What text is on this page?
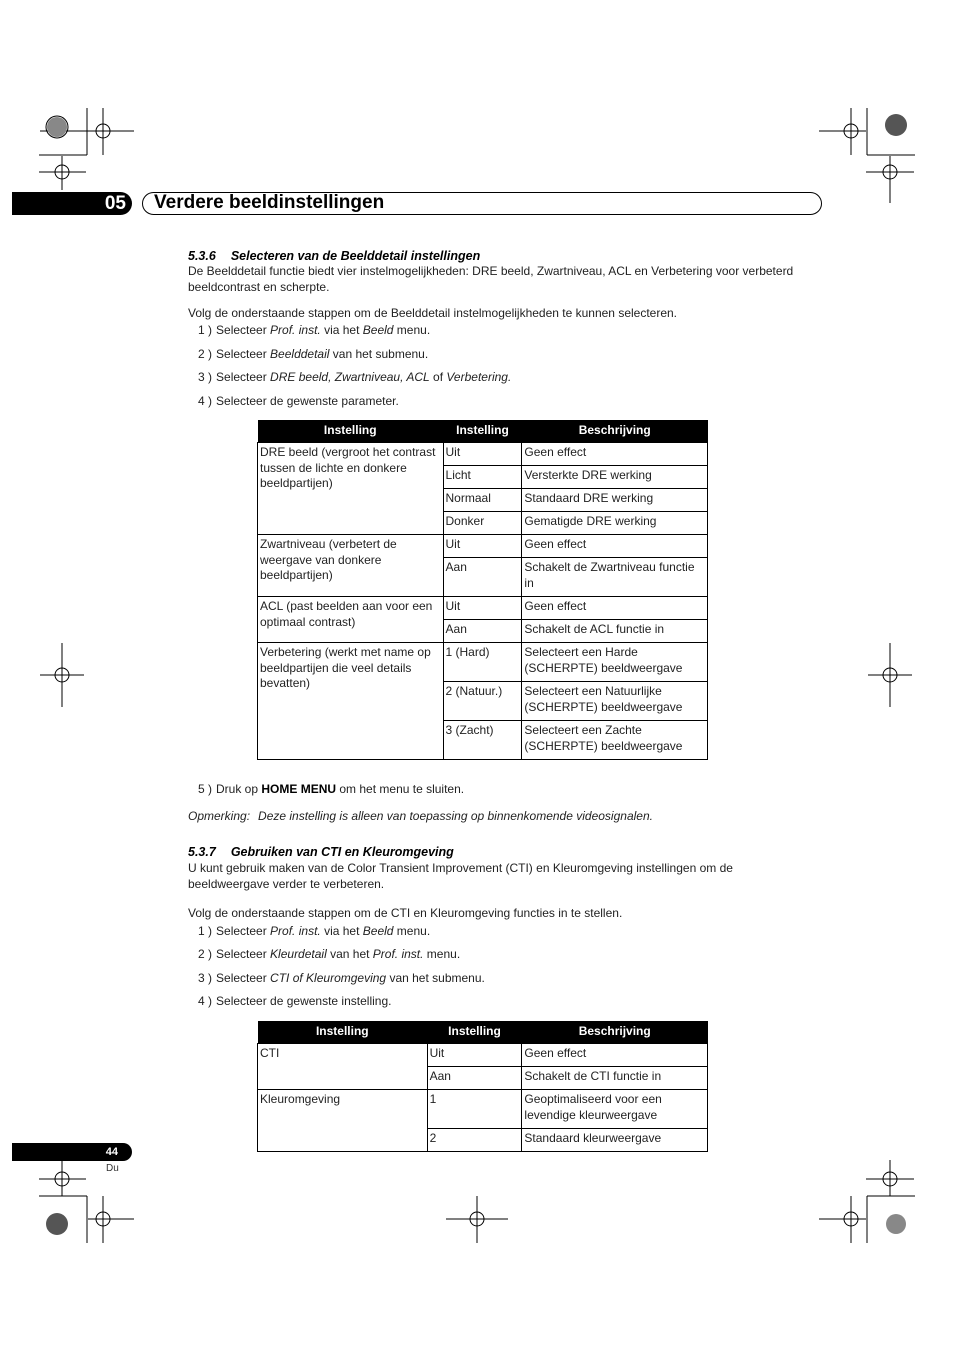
05	Verdere beeldinstellingen
5.3.6 Selecteren van de Beelddetail instellingen
De Beelddetail functie biedt vier instelmogelijkheden: DRE beeld, Zwartniveau, ACL en Verbetering voor verbeterd beeldcontrast en scherpte.
Volg de onderstaande stappen om de Beelddetail instelmogelijkheden te kunnen selecteren.
1 ) Selecteer Prof. inst. via het Beeld menu.
2 ) Selecteer Beelddetail van het submenu.
3 ) Selecteer DRE beeld, Zwartniveau, ACL of Verbetering.
4 ) Selecteer de gewenste parameter.
Instelling	Instelling	Beschrijving
DRE beeld (vergroot het contrast tussen de lichte en donkere beeldpartijen)	Uit	Geen effect
	Licht	Versterkte DRE werking
	Normaal	Standaard DRE werking
	Donker	Gematigde DRE werking
Zwartniveau (verbetert de weergave van donkere beeldpartijen)	Uit	Geen effect
	Aan	Schakelt de Zwartniveau functie in
ACL (past beelden aan voor een optimaal contrast)	Uit	Geen effect
	Aan	Schakelt de ACL functie in
Verbetering (werkt met name op beeldpartijen die veel details bevatten)	1 (Hard)	Selecteert een Harde (SCHERPTE) beeldweergave
	2 (Natuur.)	Selecteert een Natuurlijke (SCHERPTE) beeldweergave
	3 (Zacht)	Selecteert een Zachte (SCHERPTE) beeldweergave
5 ) Druk op HOME MENU om het menu te sluiten.
Opmerking: Deze instelling is alleen van toepassing op binnenkomende videosignalen.
5.3.7 Gebruiken van CTI en Kleuromgeving
U kunt gebruik maken van de Color Transient Improvement (CTI) en Kleuromgeving instellingen om de beeldweergave verder te verbeteren.
Volg de onderstaande stappen om de CTI en Kleuromgeving functies in te stellen.
1 ) Selecteer Prof. inst. via het Beeld menu.
2 ) Selecteer Kleurdetail van het Prof. inst. menu.
3 ) Selecteer CTI of Kleuromgeving van het submenu.
4 ) Selecteer de gewenste instelling.
Instelling	Instelling	Beschrijving
CTI	Uit	Geen effect
	Aan	Schakelt de CTI functie in
Kleuromgeving	1	Geoptimaliseerd voor een levendige kleurweergave
	2	Standaard kleurweergave
44
Du
